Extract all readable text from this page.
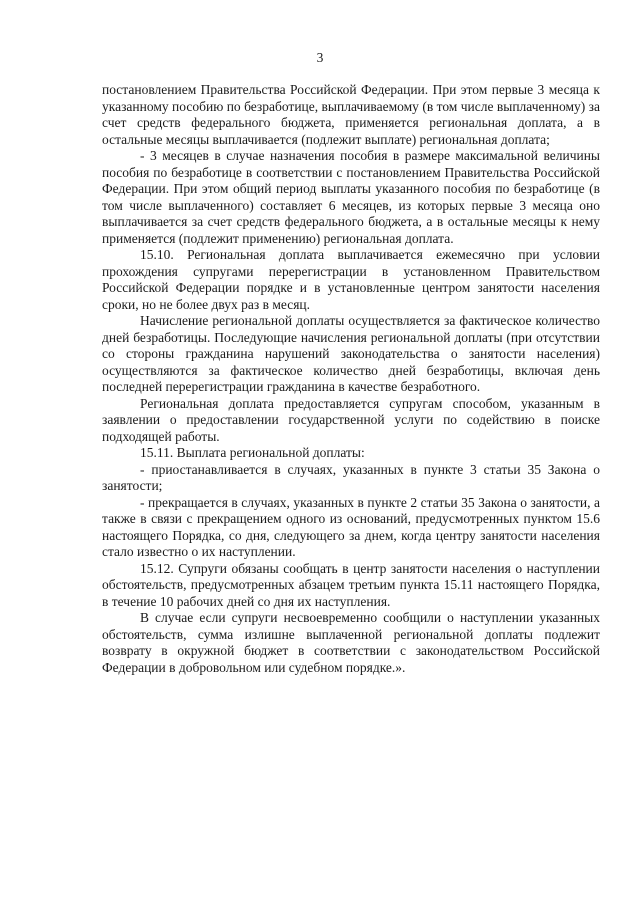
3

постановлением Правительства Российской Федерации. При этом первые 3 месяца к указанному пособию по безработице, выплачиваемому (в том числе выплаченному) за счет средств федерального бюджета, применяется региональная доплата, а в остальные месяцы выплачивается (подлежит выплате) региональная доплата;

- 3 месяцев в случае назначения пособия в размере максимальной величины пособия по безработице в соответствии с постановлением Правительства Российской Федерации. При этом общий период выплаты указанного пособия по безработице (в том числе выплаченного) составляет 6 месяцев, из которых первые 3 месяца оно выплачивается за счет средств федерального бюджета, а в остальные месяцы к нему применяется (подлежит применению) региональная доплата.

15.10. Региональная доплата выплачивается ежемесячно при условии прохождения супругами перерегистрации в установленном Правительством Российской Федерации порядке и в установленные центром занятости населения сроки, но не более двух раз в месяц.

Начисление региональной доплаты осуществляется за фактическое количество дней безработицы. Последующие начисления региональной доплаты (при отсутствии со стороны гражданина нарушений законодательства о занятости населения) осуществляются за фактическое количество дней безработицы, включая день последней перерегистрации гражданина в качестве безработного.

Региональная доплата предоставляется супругам способом, указанным в заявлении о предоставлении государственной услуги по содействию в поиске подходящей работы.

15.11. Выплата региональной доплаты:

- приостанавливается в случаях, указанных в пункте 3 статьи 35 Закона о занятости;

- прекращается в случаях, указанных в пункте 2 статьи 35 Закона о занятости, а также в связи с прекращением одного из оснований, предусмотренных пунктом 15.6 настоящего Порядка, со дня, следующего за днем, когда центру занятости населения стало известно о их наступлении.

15.12. Супруги обязаны сообщать в центр занятости населения о наступлении обстоятельств, предусмотренных абзацем третьим пункта 15.11 настоящего Порядка, в течение 10 рабочих дней со дня их наступления.

В случае если супруги несвоевременно сообщили о наступлении указанных обстоятельств, сумма излишне выплаченной региональной доплаты подлежит возврату в окружной бюджет в соответствии с законодательством Российской Федерации в добровольном или судебном порядке.».
